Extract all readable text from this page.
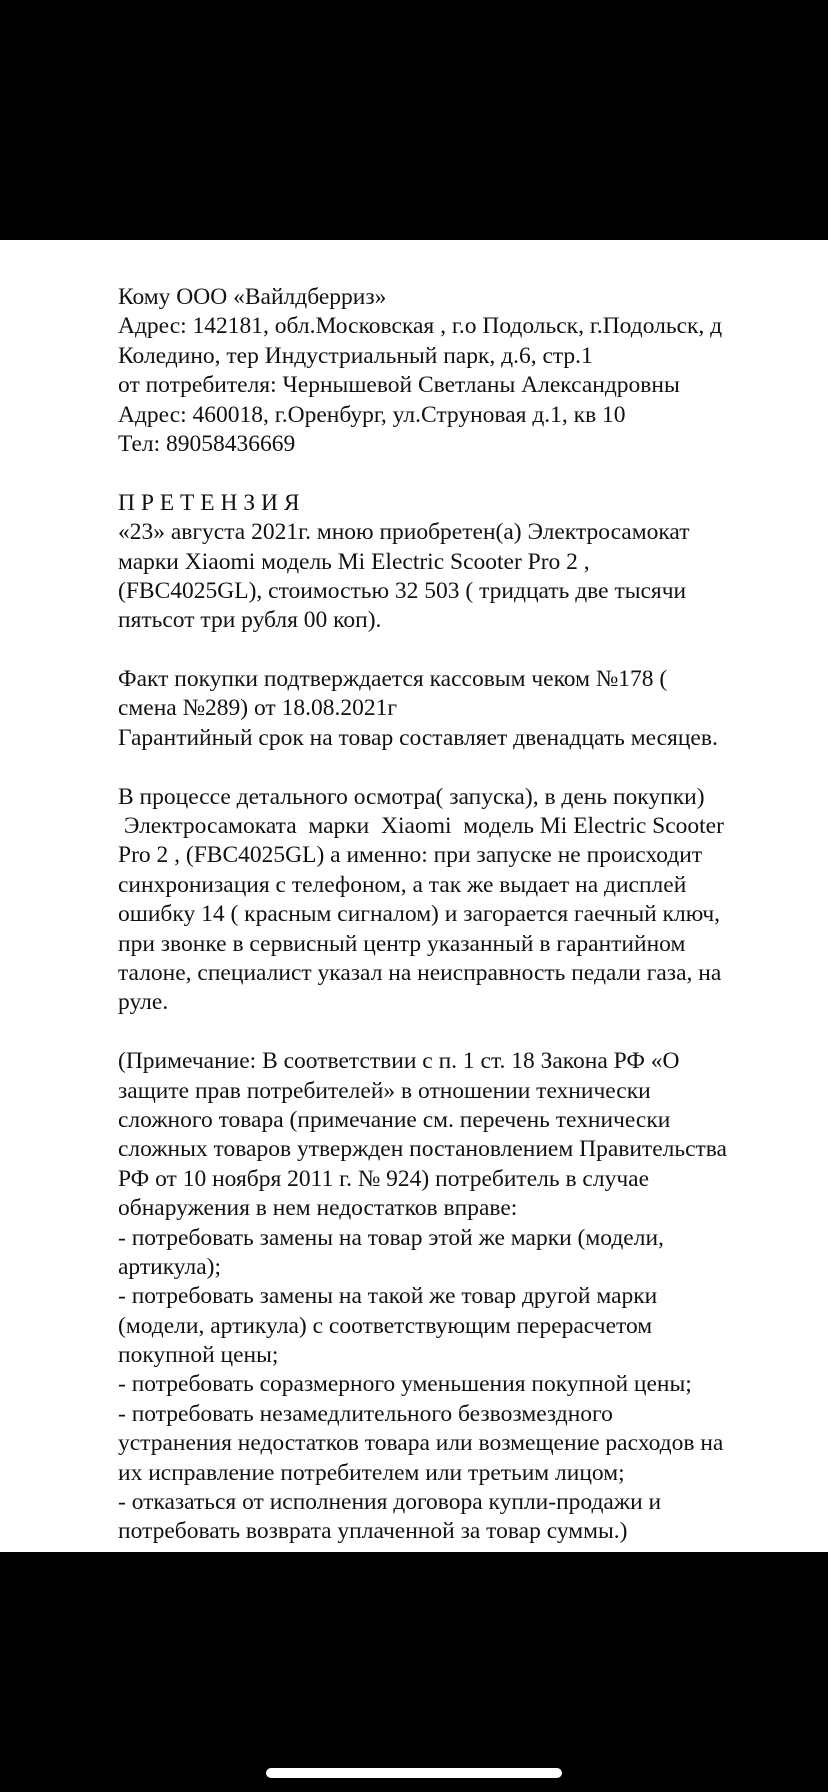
Кому ООО «Вайлдберриз»
Адрес: 142181, обл.Московская , г.о Подольск, г.Подольск, д
Коледино, тер Индустриальный парк, д.6, стр.1
от потребителя: Чернышевой Светланы Александровны
Адрес: 460018, г.Оренбург, ул.Струновая д.1, кв 10
Тел: 89058436669
П Р Е Т Е Н З И Я
«23» августа 2021г. мною приобретен(а) Электросамокат
марки Xiaomi модель Mi Electric Scooter Pro 2 ,
(FBC4025GL), стоимостью 32 503 ( тридцать две тысячи
пятьсот три рубля 00 коп).
Факт покупки подтверждается кассовым чеком №178 (
смена №289) от 18.08.2021г
Гарантийный срок на товар составляет двенадцать месяцев.
В процессе детального осмотра( запуска), в день покупки)
Электросамоката  марки  Xiaomi  модель Mi Electric Scooter
Pro 2 , (FBC4025GL) а именно: при запуске не происходит
синхронизация с телефоном, а так же выдает на дисплей
ошибку 14 ( красным сигналом) и загорается гаечный ключ,
при звонке в сервисный центр указанный в гарантийном
талоне, специалист указал на неисправность педали газа, на
руле.
(Примечание: В соответствии с п. 1 ст. 18 Закона РФ «О
защите прав потребителей» в отношении технически
сложного товара (примечание см. перечень технически
сложных товаров утвержден постановлением Правительства
РФ от 10 ноября 2011 г. № 924) потребитель в случае
обнаружения в нем недостатков вправе:
- потребовать замены на товар этой же марки (модели,
артикула);
- потребовать замены на такой же товар другой марки
(модели, артикула) с соответствующим перерасчетом
покупной цены;
- потребовать соразмерного уменьшения покупной цены;
- потребовать незамедлительного безвозмездного
устранения недостатков товара или возмещение расходов на
их исправление потребителем или третьим лицом;
- отказаться от исполнения договора купли-продажи и
потребовать возврата уплаченной за товар суммы.)
